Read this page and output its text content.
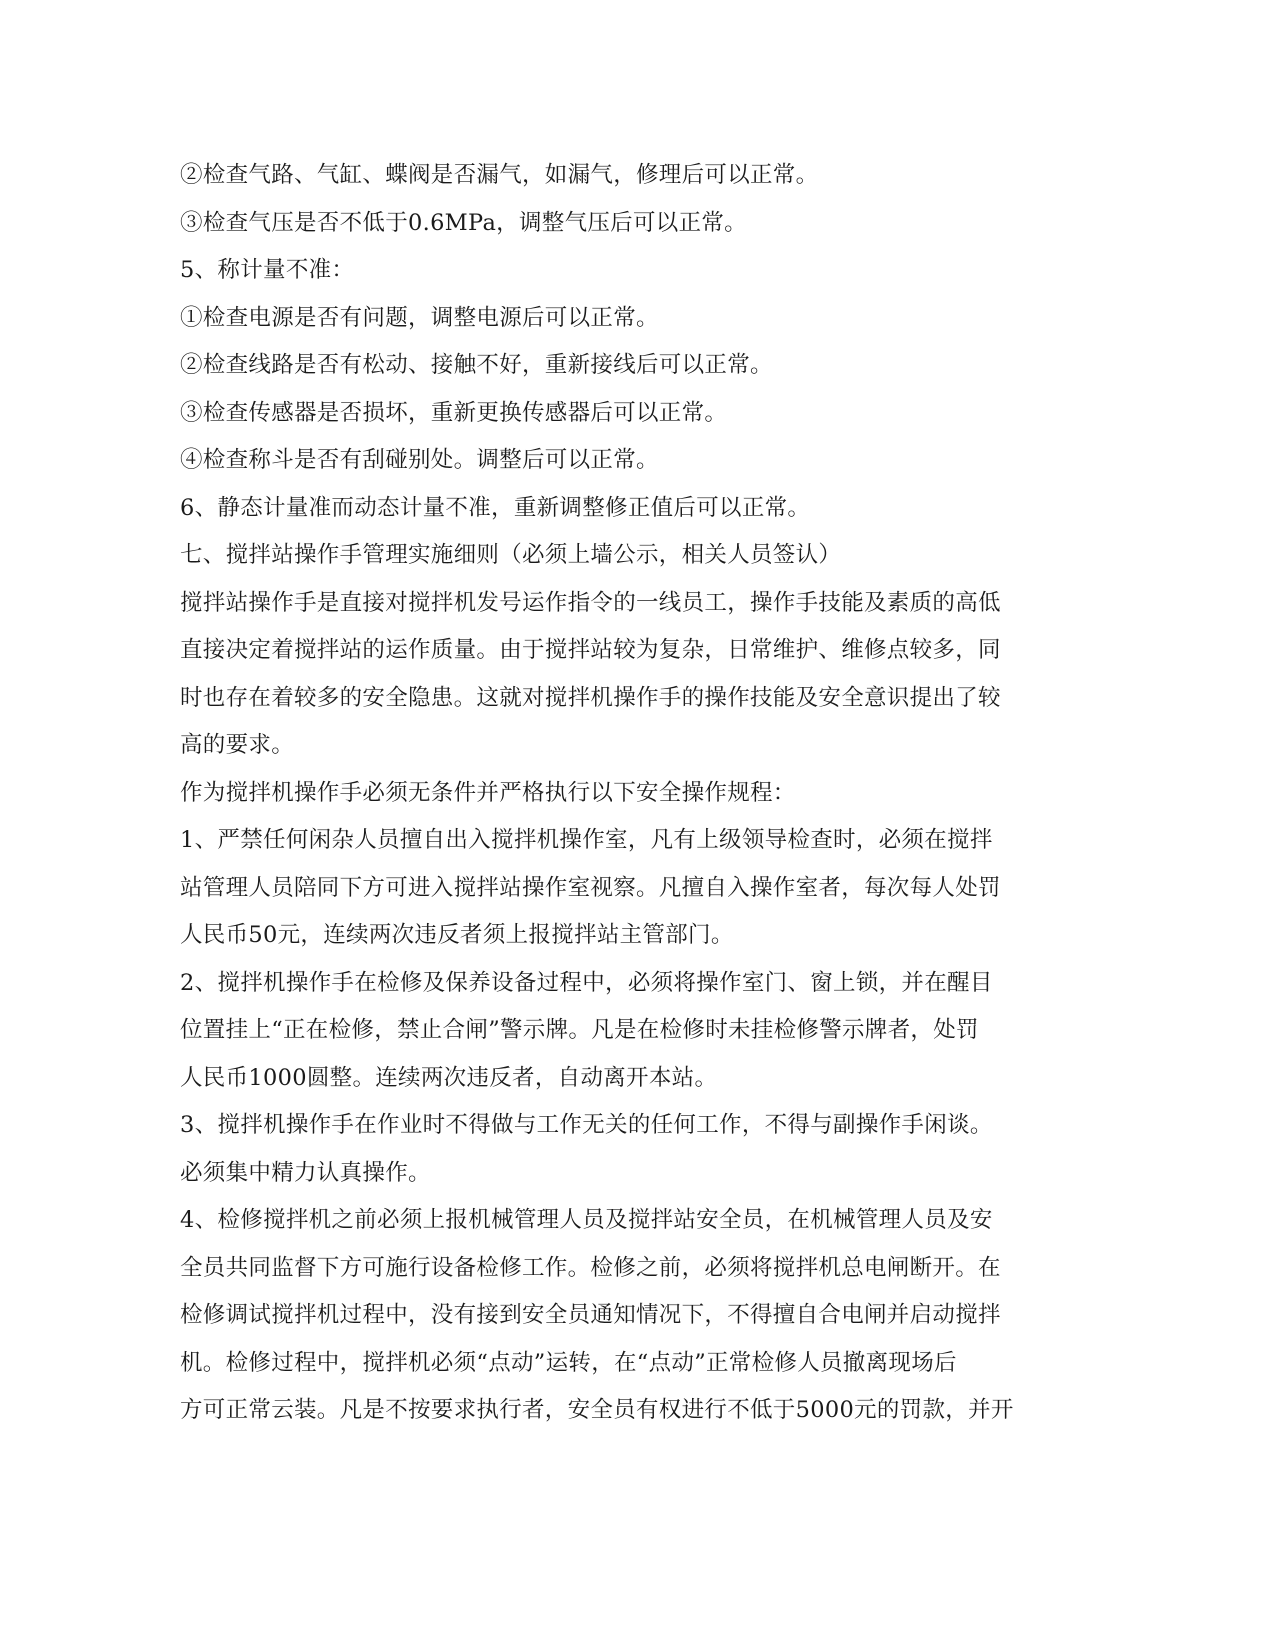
②检查气路、气缸、蝶阀是否漏气，如漏气，修理后可以正常。

③检查气压是否不低于0.6MPa，调整气压后可以正常。

5、称计量不准：

①检查电源是否有问题，调整电源后可以正常。

②检查线路是否有松动、接触不好，重新接线后可以正常。

③检查传感器是否损坏，重新更换传感器后可以正常。

④检查称斗是否有刮碰别处。调整后可以正常。

6、静态计量准而动态计量不准，重新调整修正值后可以正常。

七、搅拌站操作手管理实施细则（必须上墙公示，相关人员签认）

搅拌站操作手是直接对搅拌机发号运作指令的一线员工，操作手技能及素质的高低

直接决定着搅拌站的运作质量。由于搅拌站较为复杂，日常维护、维修点较多，同

时也存在着较多的安全隐患。这就对搅拌机操作手的操作技能及安全意识提出了较

高的要求。

作为搅拌机操作手必须无条件并严格执行以下安全操作规程：

1、严禁任何闲杂人员擅自出入搅拌机操作室，凡有上级领导检查时，必须在搅拌

站管理人员陪同下方可进入搅拌站操作室视察。凡擅自入操作室者，每次每人处罚

人民币50元，连续两次违反者须上报搅拌站主管部门。

2、搅拌机操作手在检修及保养设备过程中，必须将操作室门、窗上锁，并在醒目

位置挂上“正在检修，禁止合闸”警示牌。凡是在检修时未挂检修警示牌者，处罚

人民币1000圆整。连续两次违反者，自动离开本站。

3、搅拌机操作手在作业时不得做与工作无关的任何工作，不得与副操作手闲谈。

必须集中精力认真操作。

4、检修搅拌机之前必须上报机械管理人员及搅拌站安全员，在机械管理人员及安

全员共同监督下方可施行设备检修工作。检修之前，必须将搅拌机总电闸断开。在

检修调试搅拌机过程中，没有接到安全员通知情况下，不得擅自合电闸并启动搅拌

机。检修过程中，搅拌机必须“点动”运转，在“点动”正常检修人员撤离现场后

方可正常云装。凡是不按要求执行者，安全员有权进行不低于5000元的罚款，并开
